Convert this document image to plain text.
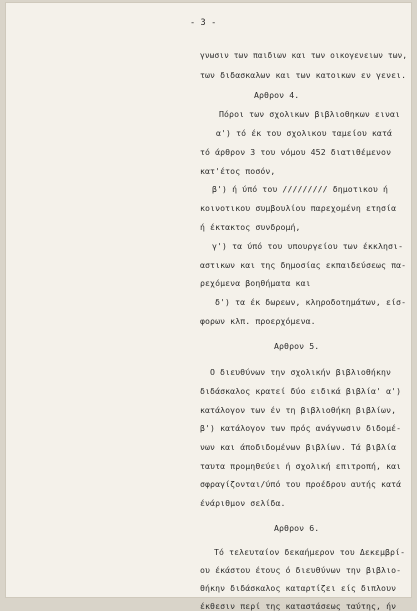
- 3 -
γνωσιν των παιδιων και των οικογενειων των,
των διδασκαλων και των κατοικων εν γενει.
Αρθρον 4.
Πόροι των σχολικων βιβλιοθηκων ειναι
α') τό έκ του σχολικου ταμείου κατά
τό άρθρον 3 του νόμου 452 διατιθέμενον
κατ'έτος ποσόν,
β') ή ύπό του ///////// δημοτικου ή
κοινοτικου συμβουλίου παρεχομένη ετησία
ή έκτακτος συνδρομή,
γ') τα ύπό του υπουργείου των έκκλησι-
αστικων και της δημοσίας εκπαιδεύσεως πα-
ρεχόμενα βοηθήματα και
δ') τα έκ δωρεων, κληροδοτημάτων, είσ-
φορων κλπ. προερχόμενα.
Αρθρον 5.
Ο διευθύνων την σχολικήν βιβλιοθήκην
διδάσκαλος κρατεί δύο ειδικά βιβλία' α')
κατάλογον των έν τη βιβλιοθήκη βιβλίων,
β') κατάλογον των πρός ανάγνωσιν διδομέ-
νων και άποδιδομένων βιβλίων. Τά βιβλία
ταυτα προμηθεύει ή σχολική επιτροπή, και
σφραγίζονται/ύπό του προέδρου αυτής κατά
ένάριθμον σελίδα.
Αρθρον 6.
Τό τελευταίον δεκαήμερον του Δεκεμβρί-
ου έκάστου έτους ό διευθύνων την βιβλιο-
θήκην διδάσκαλος καταρτίζει είς διπλουν
έκθεσιν περί της καταστάσεως ταύτης, ήν
